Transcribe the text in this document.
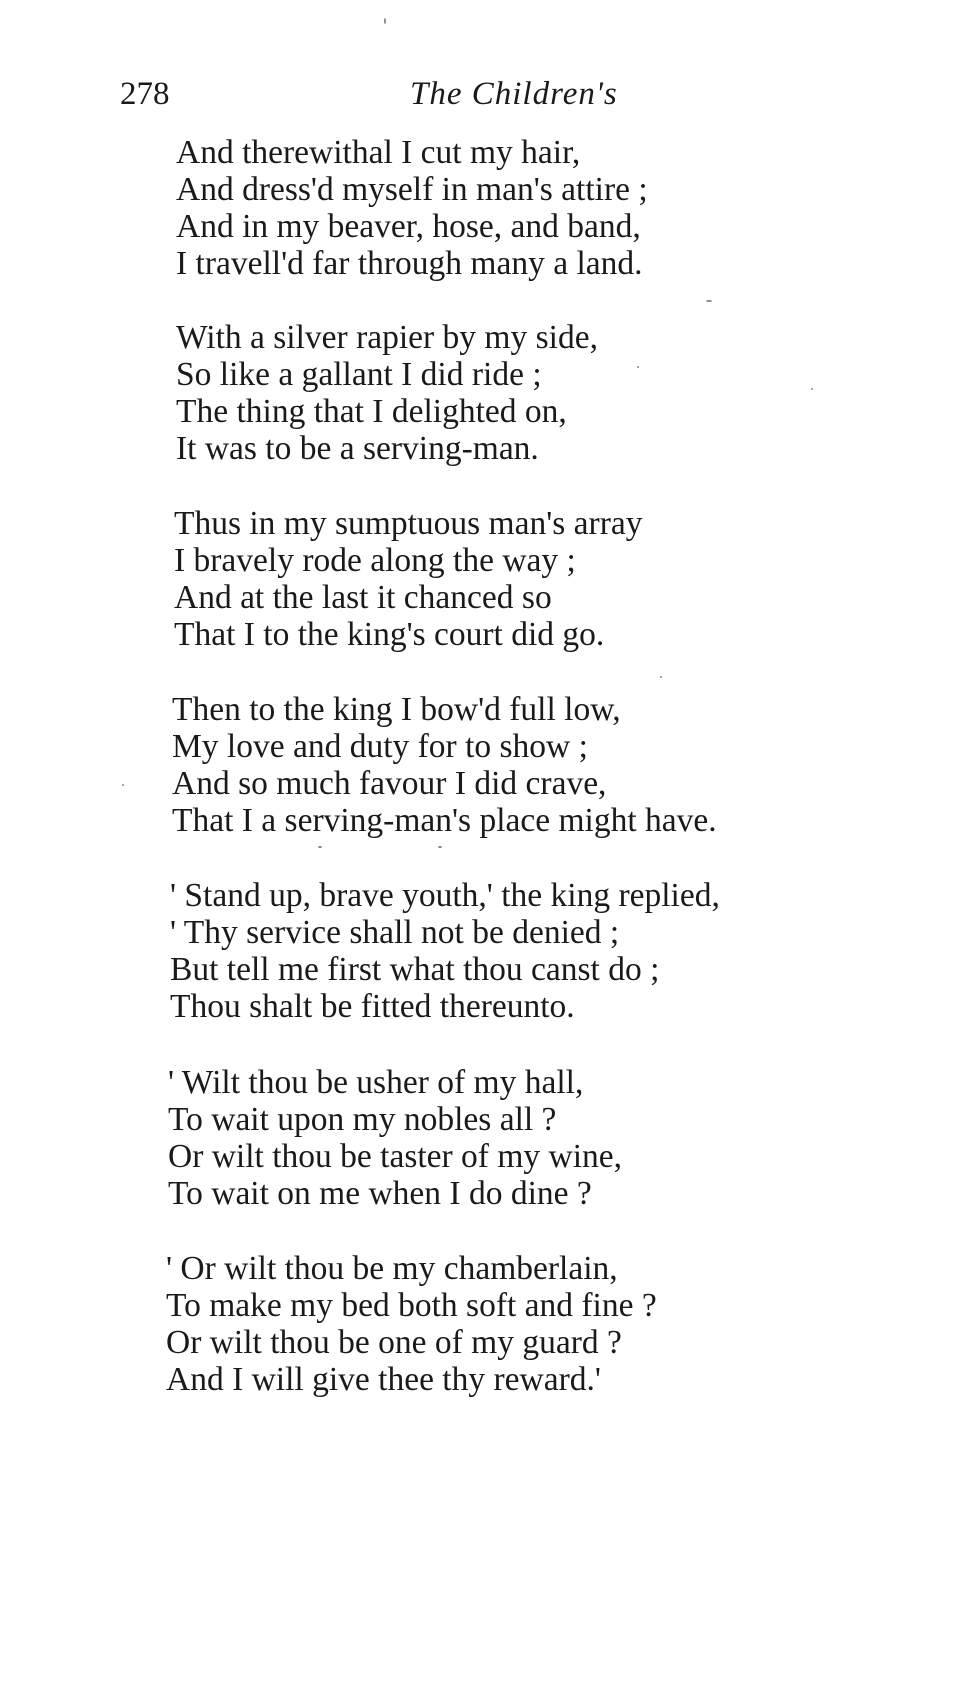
278	The Children's
And therewithal I cut my hair,
And dress'd myself in man's attire ;
And in my beaver, hose, and band,
I travell'd far through many a land.
With a silver rapier by my side,
So like a gallant I did ride ;
The thing that I delighted on,
It was to be a serving-man.
Thus in my sumptuous man's array
I bravely rode along the way ;
And at the last it chanced so
That I to the king's court did go.
Then to the king I bow'd full low,
My love and duty for to show ;
And so much favour I did crave,
That I a serving-man's place might have.
' Stand up, brave youth,' the king replied,
' Thy service shall not be denied ;
But tell me first what thou canst do ;
Thou shalt be fitted thereunto.
' Wilt thou be usher of my hall,
To wait upon my nobles all ?
Or wilt thou be taster of my wine,
To wait on me when I do dine ?
' Or wilt thou be my chamberlain,
To make my bed both soft and fine ?
Or wilt thou be one of my guard ?
And I will give thee thy reward.'
